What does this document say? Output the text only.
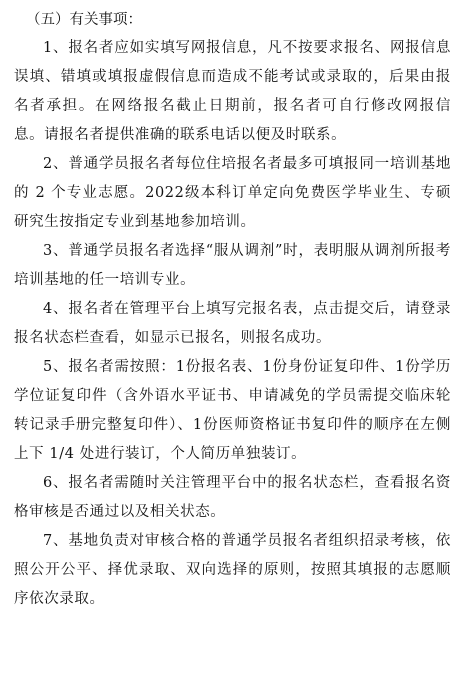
（五）有关事项：

1、报名者应如实填写网报信息，凡不按要求报名、网报信息误填、错填或填报虚假信息而造成不能考试或录取的，后果由报名者承担。在网络报名截止日期前，报名者可自行修改网报信息。请报名者提供准确的联系电话以便及时联系。

2、普通学员报名者每位住培报名者最多可填报同一培训基地的 2 个专业志愿。2022级本科订单定向免费医学毕业生、专硕研究生按指定专业到基地参加培训。

3、普通学员报名者选择“服从调剂”时，表明服从调剂所报考培训基地的任一培训专业。

4、报名者在管理平台上填写完报名表，点击提交后，请登录报名状态栏查看，如显示已报名，则报名成功。

5、报名者需按照：1份报名表、1份身份证复印件、1份学历学位证复印件（含外语水平证书、申请减免的学员需提交临床轮转记录手册完整复印件）、1份医师资格证书复印件的顺序在左侧上下 1/4 处进行装订，个人简历单独装订。

6、报名者需随时关注管理平台中的报名状态栏，查看报名资格审核是否通过以及相关状态。

7、基地负责对审核合格的普通学员报名者组织招录考核，依照公开公平、择优录取、双向选择的原则，按照其填报的志愿顺序依次录取。
